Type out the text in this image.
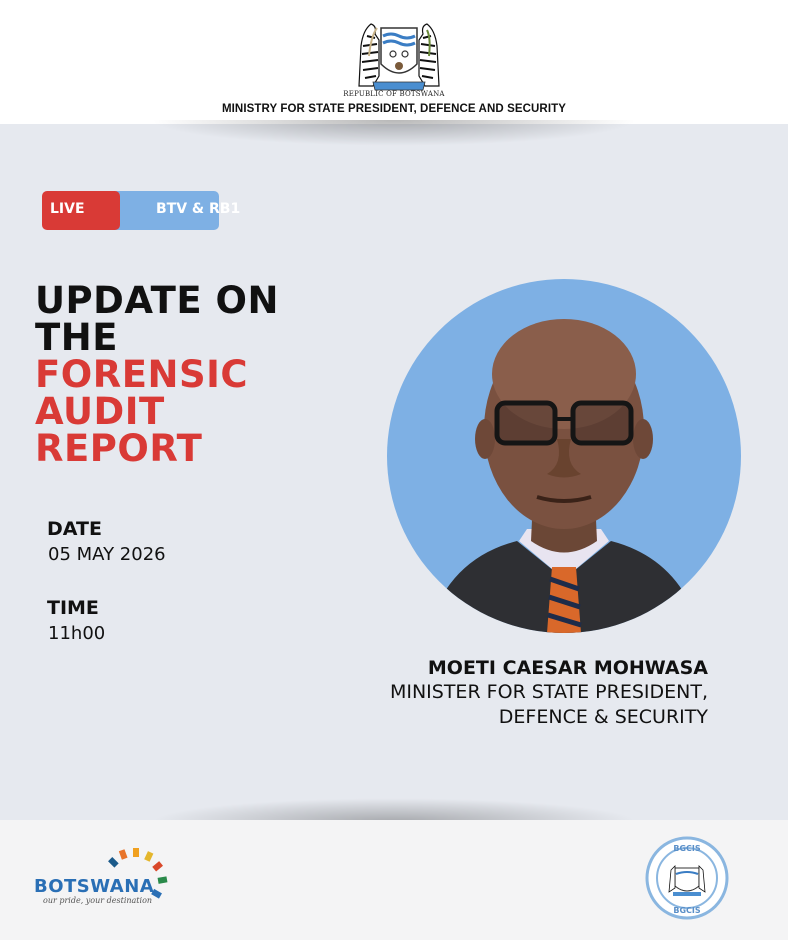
REPUBLIC OF BOTSWANA
MINISTRY FOR STATE PRESIDENT, DEFENCE AND SECURITY
LIVE	BTV & RB1
UPDATE ON
THE
FORENSIC
AUDIT
REPORT
DATE
05 MAY 2026
TIME
11h00
MOETI CAESAR MOHWASA
MINISTER FOR STATE PRESIDENT,
DEFENCE & SECURITY
BOTSWANA
our pride, your destination
BGCIS
BGCIS
